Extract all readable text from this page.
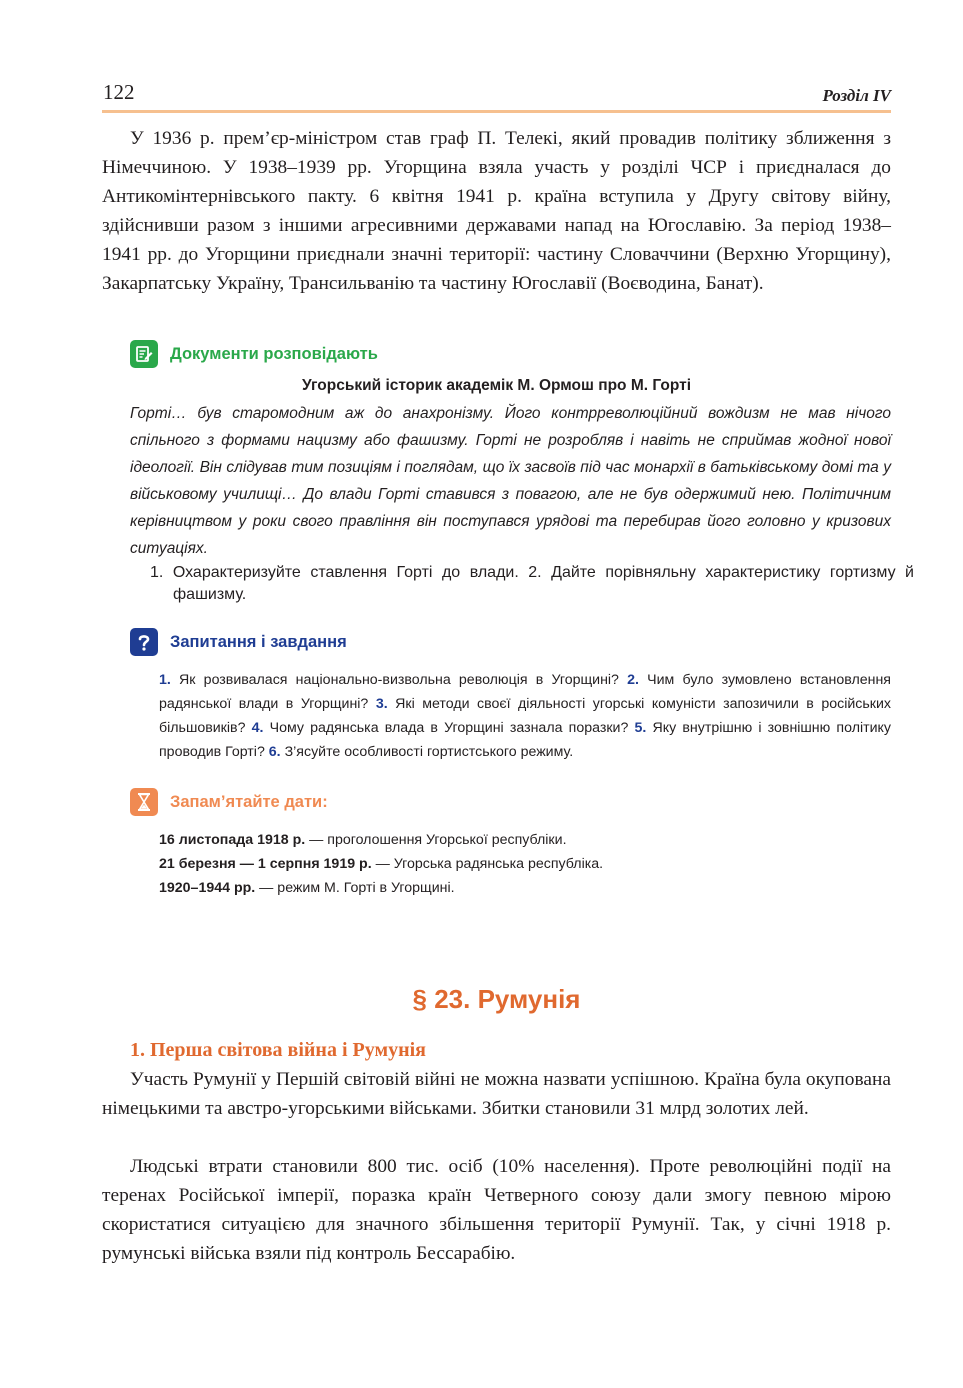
122	Розділ IV

У 1936 р. прем’єр-міністром став граф П. Телекі, який провадив політику зближення з Німеччиною. У 1938–1939 рр. Угорщина взяла участь у розділі ЧСР і приєдналася до Антикомінтернівського пакту. 6 квітня 1941 р. країна вступила у Другу світову війну, здійснивши разом з іншими агресивними державами напад на Югославію. За період 1938–1941 рр. до Угорщини приєднали значні території: частину Словаччини (Верхню Угорщину), Закарпатську Україну, Трансильванію та частину Югославії (Воєводина, Банат).

Документи розповідають
Угорський історик академік М. Ормош про М. Горті

Горті… був старомодним аж до анахронізму. Його контрреволюційний вождизм не мав нічого спільного з формами нацизму або фашизму. Горті не розробляв і навіть не сприймав жодної нової ідеології. Він слідував тим позиціям і поглядам, що їх засвоїв під час монархії в батьківському домі та у військовому училищі… До влади Горті ставився з повагою, але не був одержимий нею. Політичним керівництвом у роки свого правління він поступався урядові та перебирав його головно у кризових ситуаціях.

1. Охарактеризуйте ставлення Горті до влади. 2. Дайте порівняльну характеристику гортизму й фашизму.

Запитання і завдання

1. Як розвивалася національно-визвольна революція в Угорщині? 2. Чим було зумовлено встановлення радянської влади в Угорщині? 3. Які методи своєї діяльності угорські комуністи запозичили в російських більшовиків? 4. Чому радянська влада в Угорщині зазнала поразки? 5. Яку внутрішню і зовнішню політику проводив Горті? 6. З’ясуйте особливості гортистського режиму.

Запам’ятайте дати:
16 листопада 1918 р. — проголошення Угорської республіки.
21 березня — 1 серпня 1919 р. — Угорська радянська республіка.
1920–1944 рр. — режим М. Горті в Угорщині.
§ 23. Румунія
1. Перша світова війна і Румунія

Участь Румунії у Першій світовій війні не можна назвати успішною. Країна була окупована німецькими та австро-угорськими військами. Збитки становили 31 млрд золотих лей.

Людські втрати становили 800 тис. осіб (10% населення). Проте революційні події на теренах Російської імперії, поразка країн Четверного союзу дали змогу певною мірою скористатися ситуацією для значного збільшення території Румунії. Так, у січні 1918 р. румунські війська взяли під контроль Бессарабію.
